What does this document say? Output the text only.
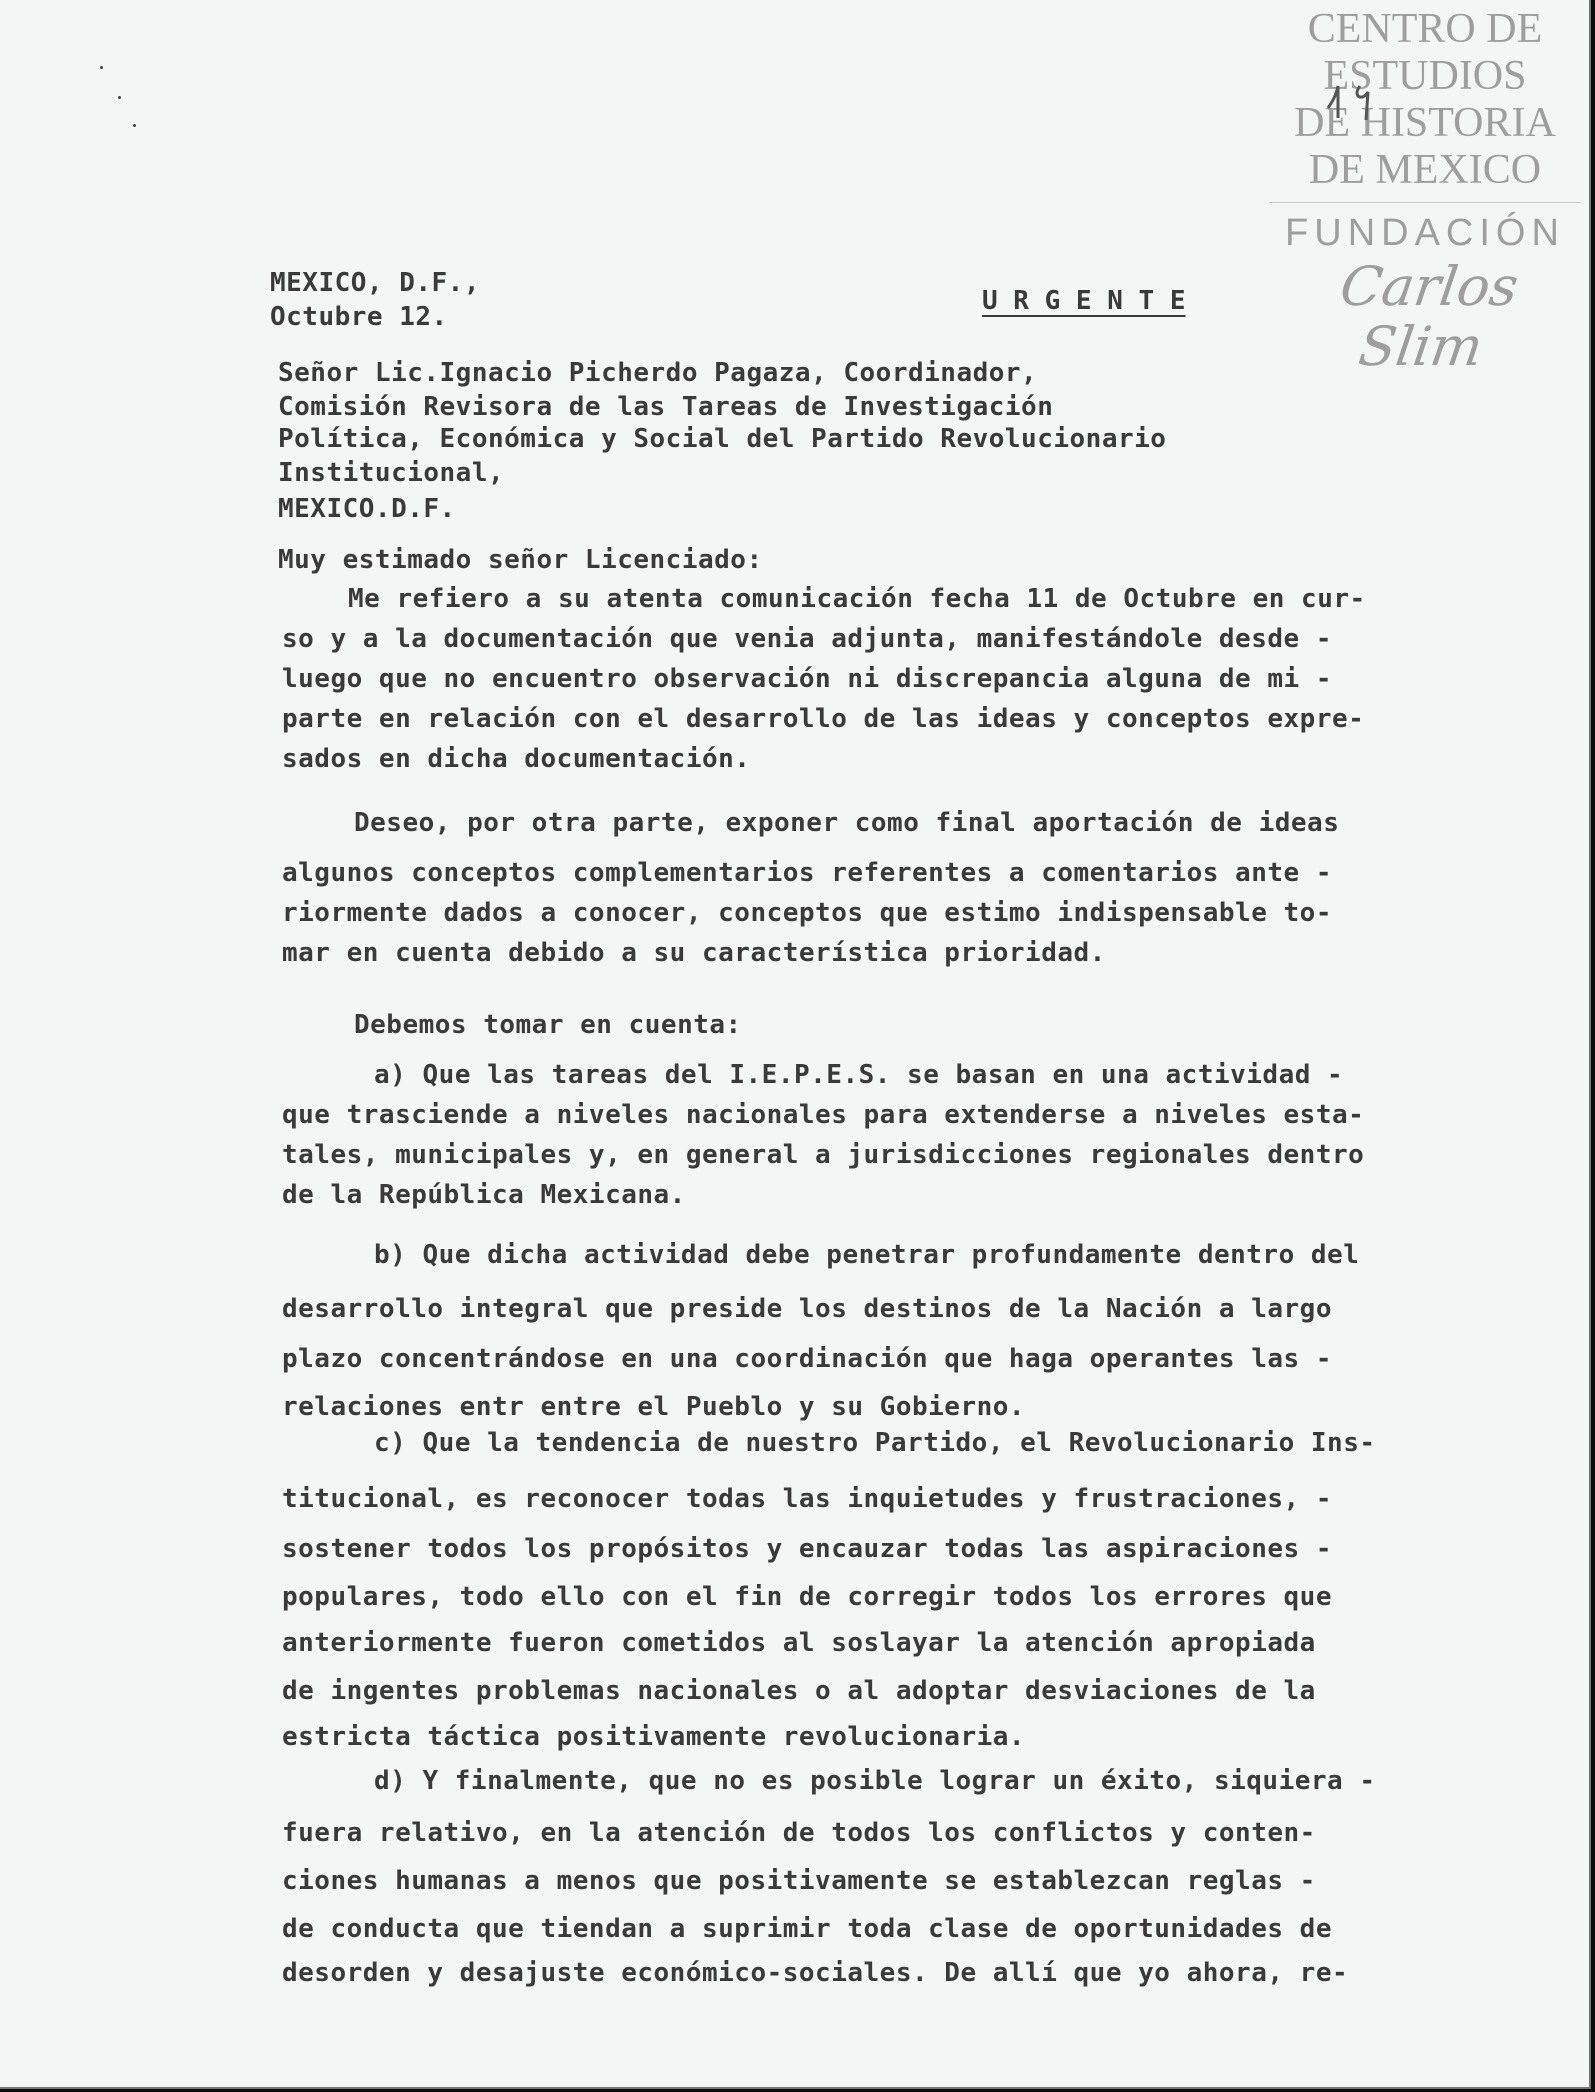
CENTRO DE
ESTUDIOS
DE HISTORIA
DE MEXICO
FUNDACIÓN
Carlos Slim
MEXICO, D.F.,
Octubre 12.
U R G E N T E
Señor Lic.Ignacio Picherdo Pagaza, Coordinador,
Comisión Revisora de las Tareas de Investigación
Política, Económica y Social del Partido Revolucionario
Institucional,
MEXICO.D.F.
Muy estimado señor Licenciado:
Me refiero a su atenta comunicación fecha 11 de Octubre en cur-
so y a la documentación que venia adjunta, manifestándole desde -
luego que no encuentro observación ni discrepancia alguna de mi -
parte en relación con el desarrollo de las ideas y conceptos expre-
sados en dicha documentación.
Deseo, por otra parte, exponer como final aportación de ideas
algunos conceptos complementarios referentes a comentarios ante -
riormente dados a conocer, conceptos que estimo indispensable to-
mar en cuenta debido a su característica prioridad.
Debemos tomar en cuenta:
a) Que las tareas del I.E.P.E.S. se basan en una actividad -
que trasciende a niveles nacionales para extenderse a niveles esta-
tales, municipales y, en general a jurisdicciones regionales dentro
de la República Mexicana.
b) Que dicha actividad debe penetrar profundamente dentro del
desarrollo integral que preside los destinos de la Nación a largo
plazo concentrándose en una coordinación que haga operantes las -
relaciones entr entre el Pueblo y su Gobierno.
c) Que la tendencia de nuestro Partido, el Revolucionario Ins-
titucional, es reconocer todas las inquietudes y frustraciones, -
sostener todos los propósitos y encauzar todas las aspiraciones -
populares, todo ello con el fin de corregir todos los errores que
anteriormente fueron cometidos al soslayar la atención apropiada
de ingentes problemas nacionales o al adoptar desviaciones de la
estricta táctica positivamente revolucionaria.
d) Y finalmente, que no es posible lograr un éxito, siquiera -
fuera relativo, en la atención de todos los conflictos y conten-
ciones humanas a menos que positivamente se establezcan reglas -
de conducta que tiendan a suprimir toda clase de oportunidades de
desorden y desajuste económico-sociales. De allí que yo ahora, re-
